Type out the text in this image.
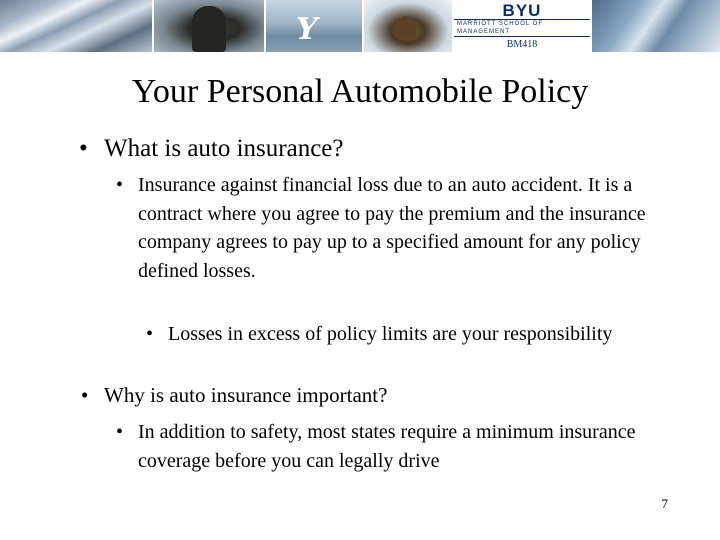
Y
BYU
MARRIOTT SCHOOL OF MANAGEMENT
BM418
Your Personal Automobile Policy
• What is auto insurance?
• Insurance against financial loss due to an auto accident. It is a contract where you agree to pay the premium and the insurance company agrees to pay up to a specified amount for any policy defined losses.
• Losses in excess of policy limits are your responsibility
• Why is auto insurance important?
• In addition to safety, most states require a minimum insurance coverage before you can legally drive
7
